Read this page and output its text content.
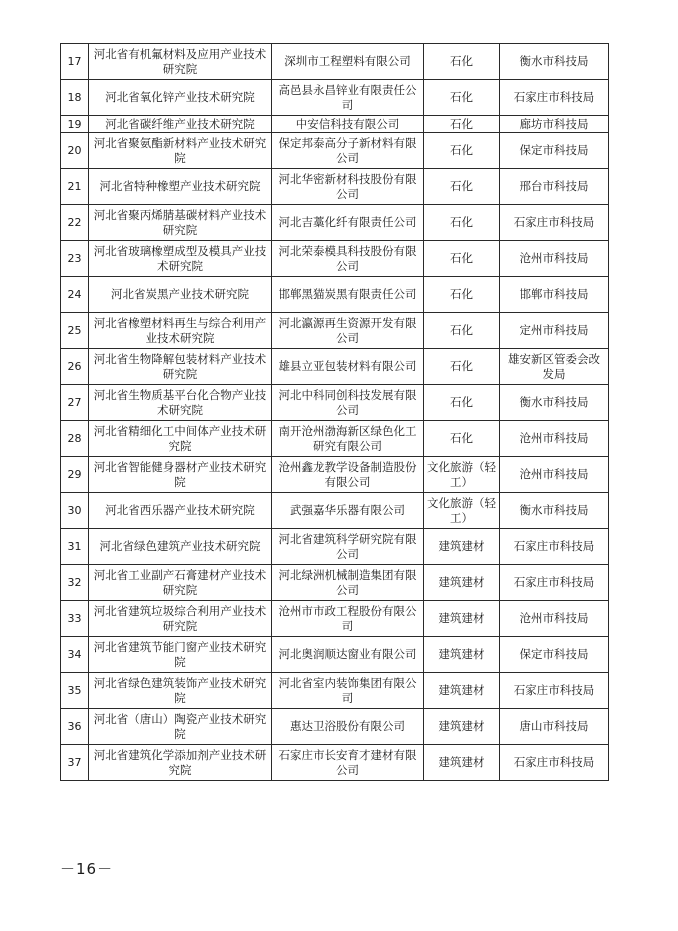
17	河北省有机氟材料及应用产业技术研究院	深圳市工程塑料有限公司	石化	衡水市科技局
18	河北省氧化锌产业技术研究院	高邑县永昌锌业有限责任公司	石化	石家庄市科技局
19	河北省碳纤维产业技术研究院	中安信科技有限公司	石化	廊坊市科技局
20	河北省聚氨酯新材料产业技术研究院	保定邦泰高分子新材料有限公司	石化	保定市科技局
21	河北省特种橡塑产业技术研究院	河北华密新材科技股份有限公司	石化	邢台市科技局
22	河北省聚丙烯腈基碳材料产业技术研究院	河北吉藁化纤有限责任公司	石化	石家庄市科技局
23	河北省玻璃橡塑成型及模具产业技术研究院	河北荣泰模具科技股份有限公司	石化	沧州市科技局
24	河北省炭黑产业技术研究院	邯郸黑猫炭黑有限责任公司	石化	邯郸市科技局
25	河北省橡塑材料再生与综合利用产业技术研究院	河北瀛源再生资源开发有限公司	石化	定州市科技局
26	河北省生物降解包装材料产业技术研究院	雄县立亚包装材料有限公司	石化	雄安新区管委会改发局
27	河北省生物质基平台化合物产业技术研究院	河北中科同创科技发展有限公司	石化	衡水市科技局
28	河北省精细化工中间体产业技术研究院	南开沧州渤海新区绿色化工研究有限公司	石化	沧州市科技局
29	河北省智能健身器材产业技术研究院	沧州鑫龙教学设备制造股份有限公司	文化旅游（轻工）	沧州市科技局
30	河北省西乐器产业技术研究院	武强嘉华乐器有限公司	文化旅游（轻工）	衡水市科技局
31	河北省绿色建筑产业技术研究院	河北省建筑科学研究院有限公司	建筑建材	石家庄市科技局
32	河北省工业副产石膏建材产业技术研究院	河北绿洲机械制造集团有限公司	建筑建材	石家庄市科技局
33	河北省建筑垃圾综合利用产业技术研究院	沧州市市政工程股份有限公司	建筑建材	沧州市科技局
34	河北省建筑节能门窗产业技术研究院	河北奥润顺达窗业有限公司	建筑建材	保定市科技局
35	河北省绿色建筑装饰产业技术研究院	河北省室内装饰集团有限公司	建筑建材	石家庄市科技局
36	河北省（唐山）陶瓷产业技术研究院	惠达卫浴股份有限公司	建筑建材	唐山市科技局
37	河北省建筑化学添加剂产业技术研究院	石家庄市长安育才建材有限公司	建筑建材	石家庄市科技局
－16－
